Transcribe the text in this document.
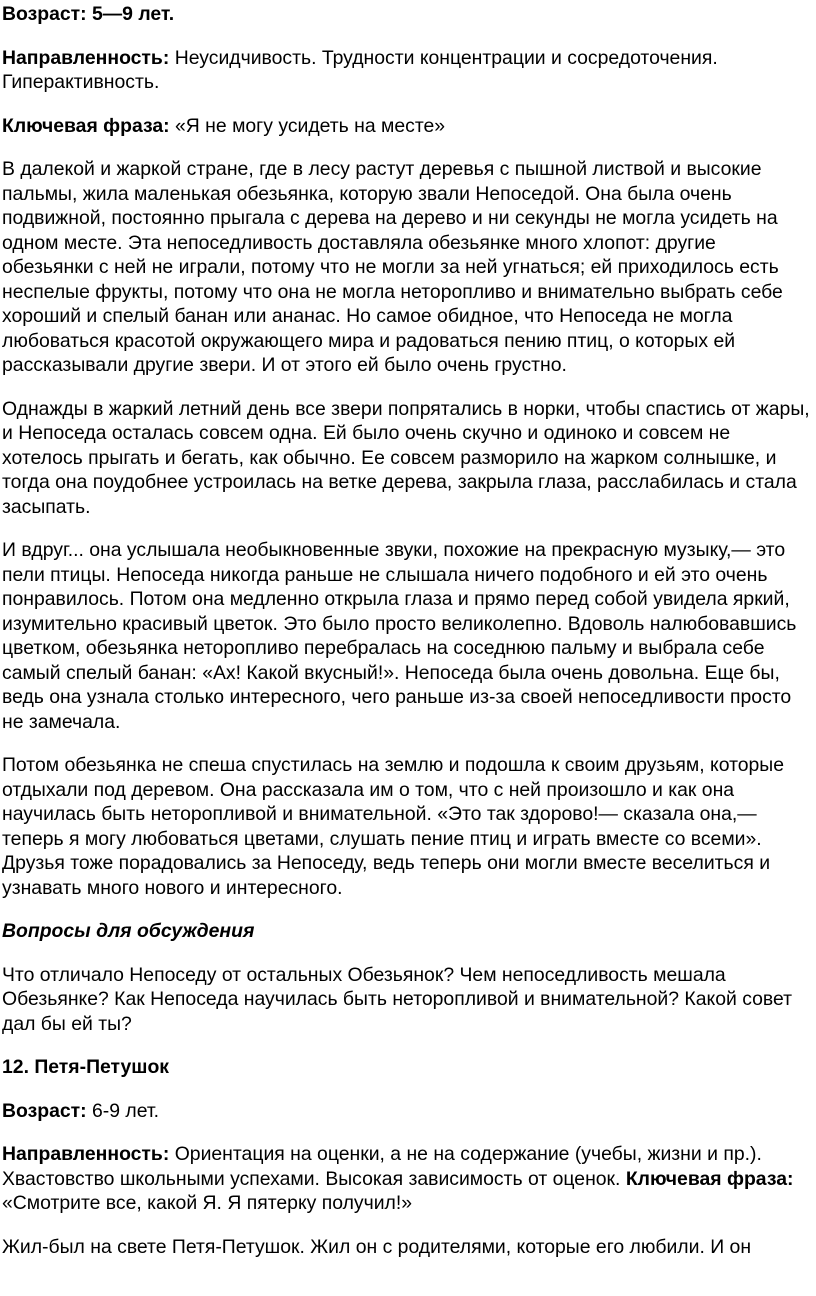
Возраст: 5—9 лет.

Направленность: Неусидчивость. Трудности концентрации и сосредоточения. Гиперактивность.

Ключевая фраза: «Я не могу усидеть на месте»

В далекой и жаркой стране, где в лесу растут деревья с пышной листвой и высокие пальмы, жила маленькая обезьянка, которую звали Непоседой. Она была очень подвижной, постоянно прыгала с дерева на дерево и ни секунды не могла усидеть на одном месте. Эта непоседливость доставляла обезьянке много хлопот: другие обезьянки с ней не играли, потому что не могли за ней угнаться; ей приходилось есть неспелые фрукты, потому что она не могла неторопливо и внимательно выбрать себе хороший и спелый банан или ананас. Но самое обидное, что Непоседа не могла любоваться красотой окружающего мира и радоваться пению птиц, о которых ей рассказывали другие звери. И от этого ей было очень грустно.

Однажды в жаркий летний день все звери попрятались в норки, чтобы спастись от жары, и Непоседа осталась совсем одна. Ей было очень скучно и одиноко и совсем не хотелось прыгать и бегать, как обычно. Ее совсем разморило на жарком солнышке, и тогда она поудобнее устроилась на ветке дерева, закрыла глаза, расслабилась и стала засыпать.

И вдруг... она услышала необыкновенные звуки, похожие на прекрасную музыку,— это пели птицы. Непоседа никогда раньше не слышала ничего подобного и ей это очень понравилось. Потом она медленно открыла глаза и прямо перед собой увидела яркий, изумительно красивый цветок. Это было просто великолепно. Вдоволь налюбовавшись цветком, обезьянка неторопливо перебралась на соседнюю пальму и выбрала себе самый спелый банан: «Ах! Какой вкусный!». Непоседа была очень довольна. Еще бы, ведь она узнала столько интересного, чего раньше из-за своей непоседливости просто не замечала.

Потом обезьянка не спеша спустилась на землю и подошла к своим друзьям, которые отдыхали под деревом. Она рассказала им о том, что с ней произошло и как она научилась быть неторопливой и внимательной. «Это так здорово!— сказала она,— теперь я могу любоваться цветами, слушать пение птиц и играть вместе со всеми». Друзья тоже порадовались за Непоседу, ведь теперь они могли вместе веселиться и узнавать много нового и интересного.

Вопросы для обсуждения

Что отличало Непоседу от остальных Обезьянок? Чем непоседливость мешала Обезьянке? Как Непоседа научилась быть неторопливой и внимательной? Какой совет дал бы ей ты?

12. Петя-Петушок

Возраст: 6-9 лет.

Направленность: Ориентация на оценки, а не на содержание (учебы, жизни и пр.). Хвастовство школьными успехами. Высокая зависимость от оценок. Ключевая фраза: «Смотрите все, какой Я. Я пятерку получил!»

Жил-был на свете Петя-Петушок. Жил он с родителями, которые его любили. И он
